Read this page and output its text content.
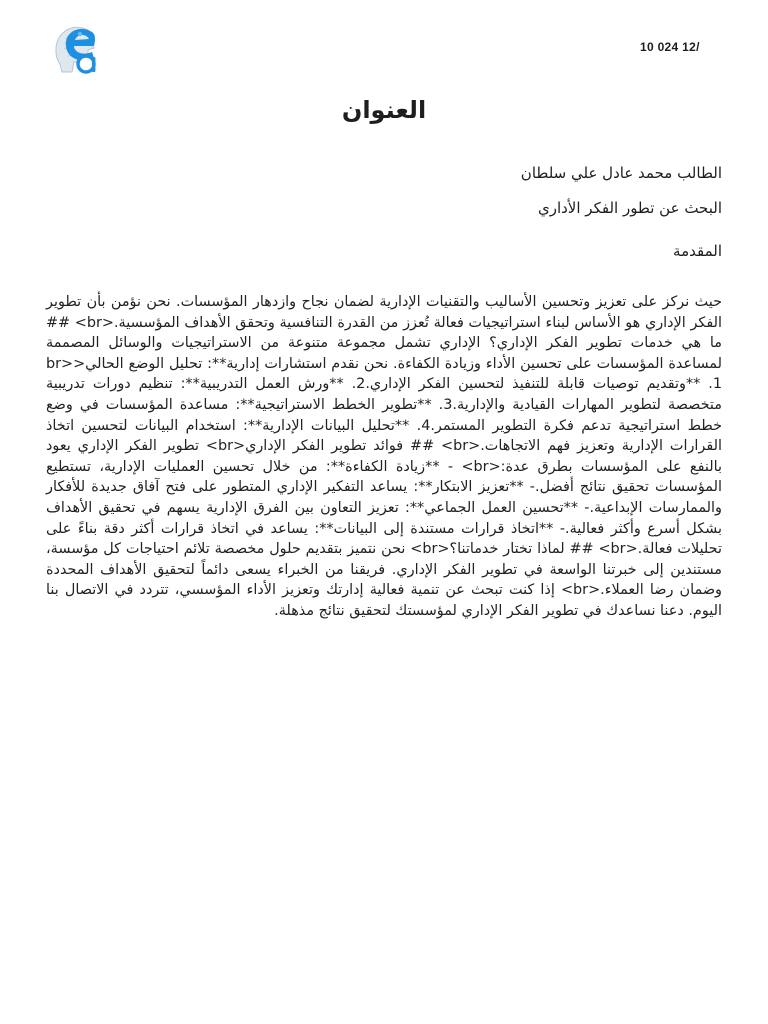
10 024 12/
العنوان
الطالب محمد عادل علي سلطان
البحث عن تطور الفكر الأداري
المقدمة

حيث نركز على تعزيز وتحسين الأساليب والتقنيات الإدارية لضمان نجاح وازدهار المؤسسات. نحن نؤمن بأن تطوير الفكر الإداري هو الأساس لبناء استراتيجيات فعالة تُعزز من القدرة التنافسية وتحقق الأهداف المؤسسية.<br> ## ما هي خدمات تطوير الفكر الإداري؟ الإداري تشمل مجموعة متنوعة من الاستراتيجيات والوسائل المصممة لمساعدة المؤسسات على تحسين الأداء وزيادة الكفاءة. نحن نقدم استشارات إدارية**: تحليل الوضع الحالي<br> .1 **وتقديم توصيات قابلة للتنفيذ لتحسين الفكر الإداري.2. **ورش العمل التدريبية**: تنظيم دورات تدريبية متخصصة لتطوير المهارات القيادية والإدارية.3. **تطوير الخطط الاستراتيجية**: مساعدة المؤسسات في وضع خطط استراتيجية تدعم فكرة التطوير المستمر.4. **تحليل البيانات الإدارية**: استخدام البيانات لتحسين اتخاذ القرارات الإدارية وتعزيز فهم الاتجاهات.<br> ## فوائد تطوير الفكر الإداري<br> تطوير الفكر الإداري يعود بالنفع على المؤسسات بطرق عدة:<br> - **زيادة الكفاءة**: من خلال تحسين العمليات الإدارية، تستطيع المؤسسات تحقيق نتائج أفضل.- **تعزيز الابتكار**: يساعد التفكير الإداري المتطور على فتح آفاق جديدة للأفكار والممارسات الإبداعية.- **تحسين العمل الجماعي**: تعزيز التعاون بين الفرق الإدارية يسهم في تحقيق الأهداف بشكل أسرع وأكثر فعالية.- **اتخاذ قرارات مستندة إلى البيانات**: يساعد في اتخاذ قرارات أكثر دقة بناءً على تحليلات فعالة.<br> ## لماذا تختار خدماتنا؟<br> نحن نتميز بتقديم حلول مخصصة تلائم احتياجات كل مؤسسة، مستندين إلى خبرتنا الواسعة في تطوير الفكر الإداري. فريقنا من الخبراء يسعى دائماً لتحقيق الأهداف المحددة وضمان رضا العملاء.<br> إذا كنت تبحث عن تنمية فعالية إدارتك وتعزيز الأداء المؤسسي، تتردد في الاتصال بنا اليوم. دعنا نساعدك في تطوير الفكر الإداري لمؤسستك لتحقيق نتائج مذهلة.
